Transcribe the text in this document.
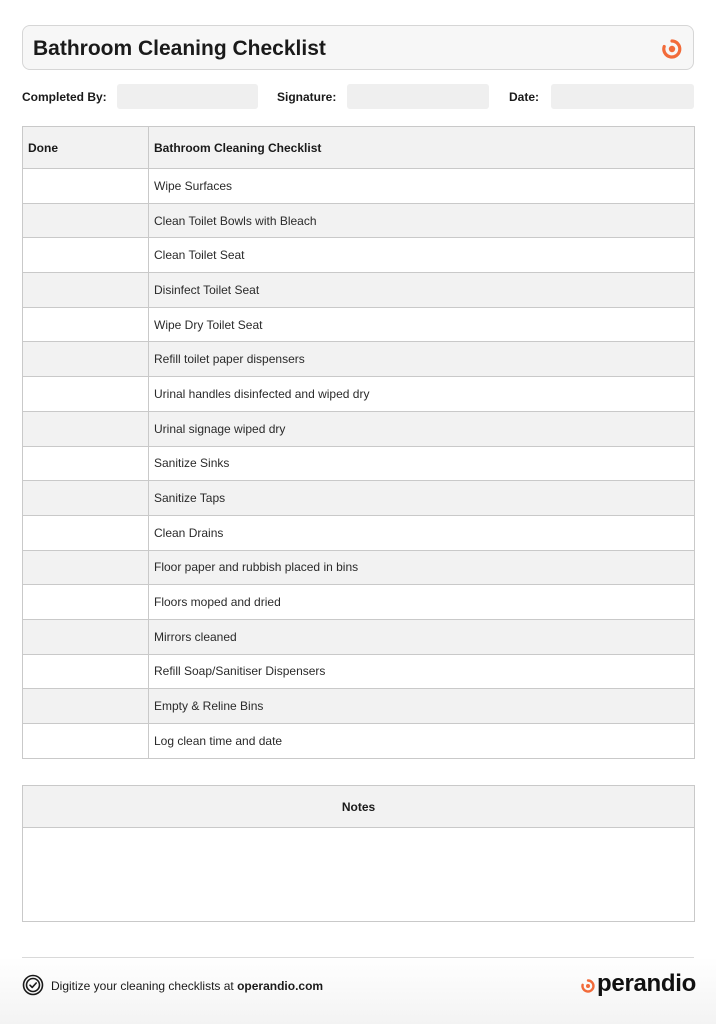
Bathroom Cleaning Checklist
Completed By:	Signature:	Date:
Done	Bathroom Cleaning Checklist
	Wipe Surfaces
	Clean Toilet Bowls with Bleach
	Clean Toilet Seat
	Disinfect Toilet Seat
	Wipe Dry Toilet Seat
	Refill toilet paper dispensers
	Urinal handles disinfected and wiped dry
	Urinal signage wiped dry
	Sanitize Sinks
	Sanitize Taps
	Clean Drains
	Floor paper and rubbish placed in bins
	Floors moped and dried
	Mirrors cleaned
	Refill Soap/Sanitiser Dispensers
	Empty & Reline Bins
	Log clean time and date
Notes
Digitize your cleaning checklists at operandio.com	perandio
